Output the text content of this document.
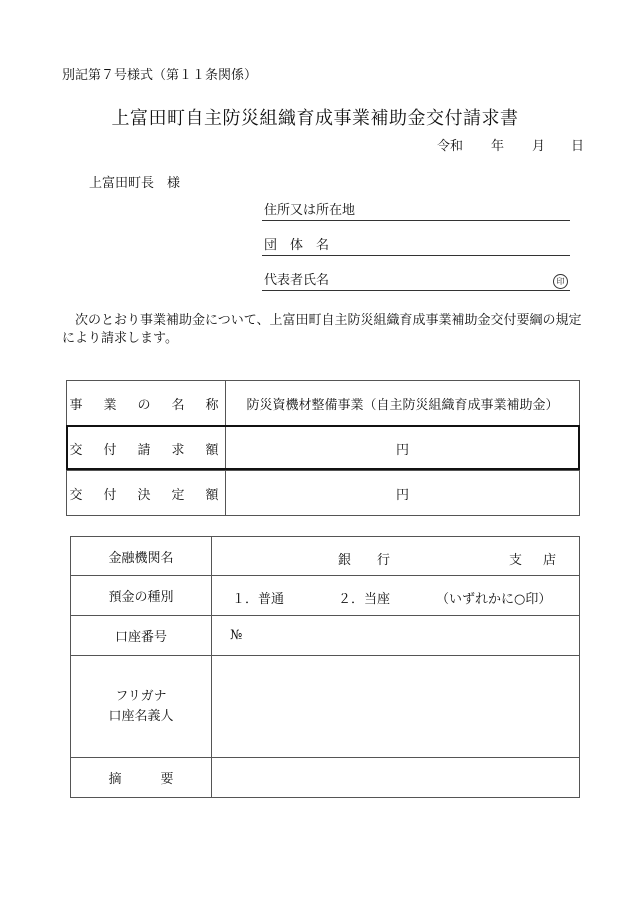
別記第７号様式（第１１条関係）
上富田町自主防災組織育成事業補助金交付請求書
令和 年 月 日
上富田町長　様
住所又は所在地
団　体　名
代表者氏名	印
次のとおり事業補助金について、上富田町自主防災組織育成事業補助金交付要綱の規定により請求します。
事　業　の　名　称	防災資機材整備事業（自主防災組織育成事業補助金）
交　付　請　求　額	円
交　付　決　定　額	円
金融機関名	銀　　行 支　店

預金の種別	１．普通 ２．当座 （いずれかに○印）

口座番号	№

フリガナ
口座名義人	

摘　　　要	
